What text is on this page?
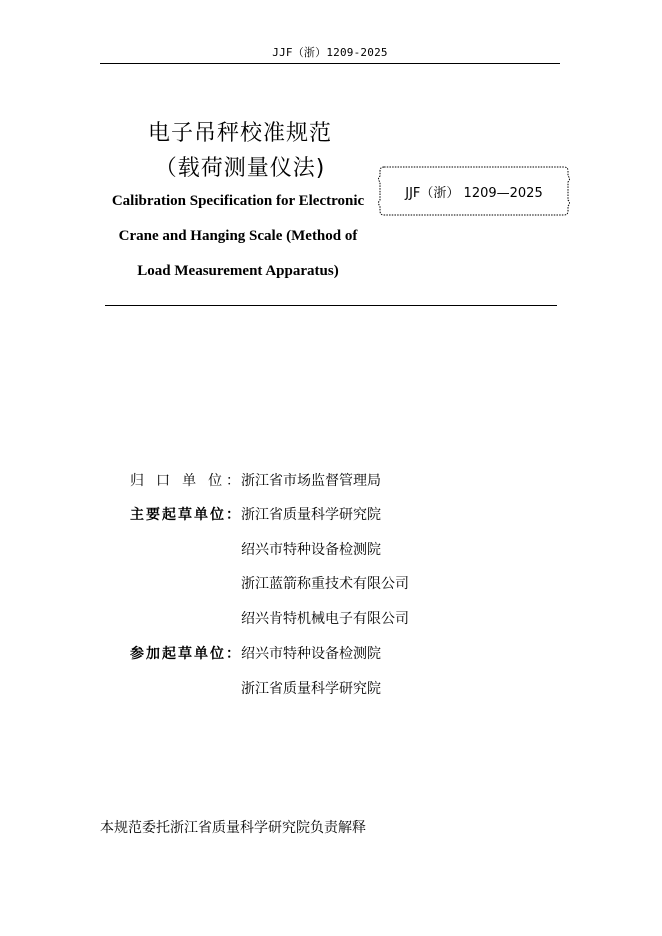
JJF（浙）1209-2025
电子吊秤校准规范
（载荷测量仪法)
Calibration Specification for Electronic
Crane and Hanging Scale (Method of
Load Measurement Apparatus)
JJF（浙） 1209—2025
归 口 单 位： 浙江省市场监督管理局
主要起草单位： 浙江省质量科学研究院
绍兴市特种设备检测院
浙江蓝箭称重技术有限公司
绍兴肯特机械电子有限公司
参加起草单位： 绍兴市特种设备检测院
浙江省质量科学研究院
本规范委托浙江省质量科学研究院负责解释
